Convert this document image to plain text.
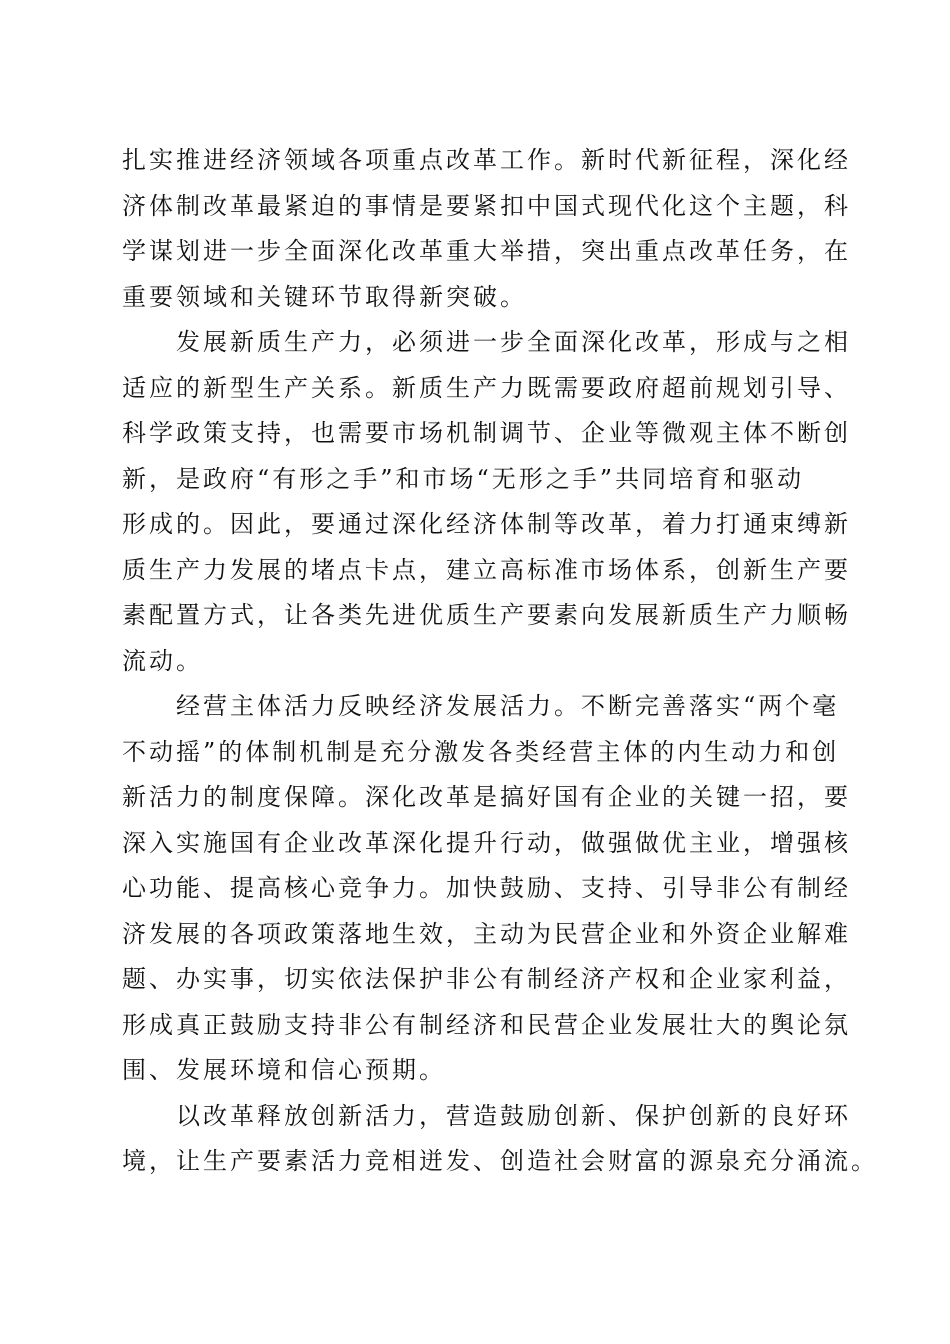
扎实推进经济领域各项重点改革工作。新时代新征程，深化经
济体制改革最紧迫的事情是要紧扣中国式现代化这个主题，科
学谋划进一步全面深化改革重大举措，突出重点改革任务，在
重要领域和关键环节取得新突破。
发展新质生产力，必须进一步全面深化改革，形成与之相
适应的新型生产关系。新质生产力既需要政府超前规划引导、
科学政策支持，也需要市场机制调节、企业等微观主体不断创
新，是政府“有形之手”和市场“无形之手”共同培育和驱动
形成的。因此，要通过深化经济体制等改革，着力打通束缚新
质生产力发展的堵点卡点，建立高标准市场体系，创新生产要
素配置方式，让各类先进优质生产要素向发展新质生产力顺畅
流动。
经营主体活力反映经济发展活力。不断完善落实“两个毫
不动摇”的体制机制是充分激发各类经营主体的内生动力和创
新活力的制度保障。深化改革是搞好国有企业的关键一招，要
深入实施国有企业改革深化提升行动，做强做优主业，增强核
心功能、提高核心竞争力。加快鼓励、支持、引导非公有制经
济发展的各项政策落地生效，主动为民营企业和外资企业解难
题、办实事，切实依法保护非公有制经济产权和企业家利益，
形成真正鼓励支持非公有制经济和民营企业发展壮大的舆论氛
围、发展环境和信心预期。
以改革释放创新活力，营造鼓励创新、保护创新的良好环
境，让生产要素活力竞相迸发、创造社会财富的源泉充分涌流。
